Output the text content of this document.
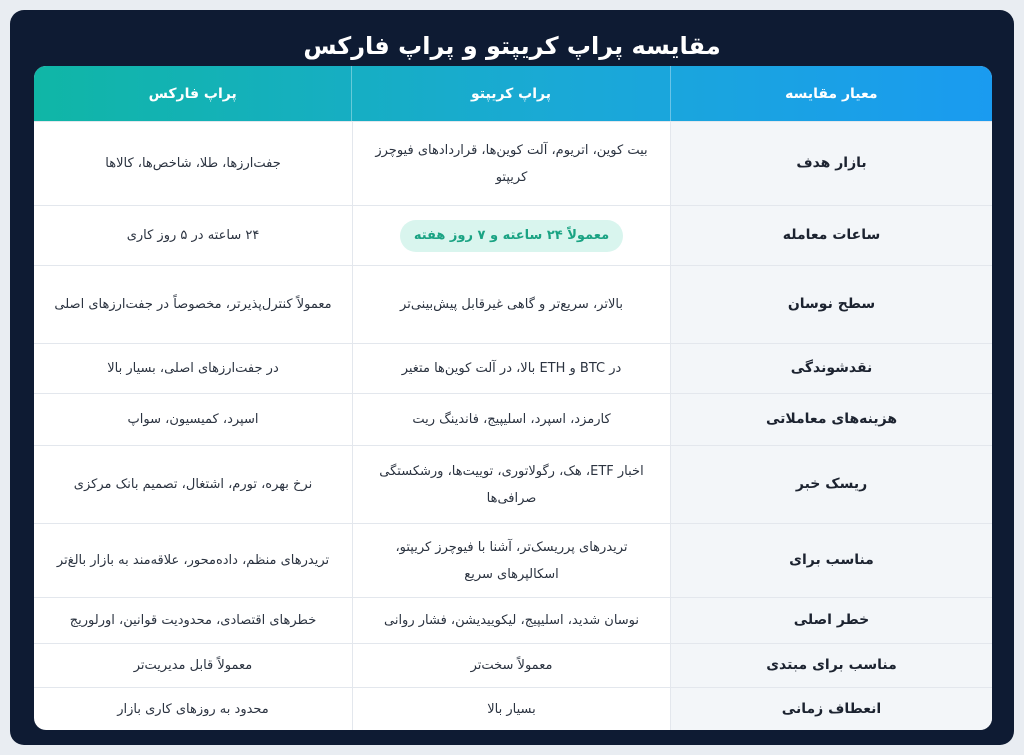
مقایسه پراپ کریپتو و پراپ فارکس
معیار مقایسه
پراپ کریپتو
پراپ فارکس
بازار هدف
بیت کوین، اتریوم، آلت کوین‌ها، قراردادهای فیوچرز کریپتو
جفت‌ارزها، طلا، شاخص‌ها، کالاها
ساعات معامله
معمولاً ۲۴ ساعته و ۷ روز هفته
۲۴ ساعته در ۵ روز کاری
سطح نوسان
بالاتر، سریع‌تر و گاهی غیرقابل پیش‌بینی‌تر
معمولاً کنترل‌پذیرتر، مخصوصاً در جفت‌ارزهای اصلی
نقدشوندگی
در BTC و ETH بالا، در آلت کوین‌ها متغیر
در جفت‌ارزهای اصلی، بسیار بالا
هزینه‌های معاملاتی
کارمزد، اسپرد، اسلیپیج، فاندینگ ریت
اسپرد، کمیسیون، سواپ
ریسک خبر
اخبار ETF، هک، رگولاتوری، توییت‌ها، ورشکستگی صرافی‌ها
نرخ بهره، تورم، اشتغال، تصمیم بانک مرکزی
مناسب برای
تریدرهای پرریسک‌تر، آشنا با فیوچرز کریپتو، اسکالپرهای سریع
تریدرهای منظم، داده‌محور، علاقه‌مند به بازار بالغ‌تر
خطر اصلی
نوسان شدید، اسلیپیج، لیکوییدیشن، فشار روانی
خطرهای اقتصادی، محدودیت قوانین، اورلوریج
مناسب برای مبتدی
معمولاً سخت‌تر
معمولاً قابل مدیریت‌تر
انعطاف زمانی
بسیار بالا
محدود به روزهای کاری بازار
